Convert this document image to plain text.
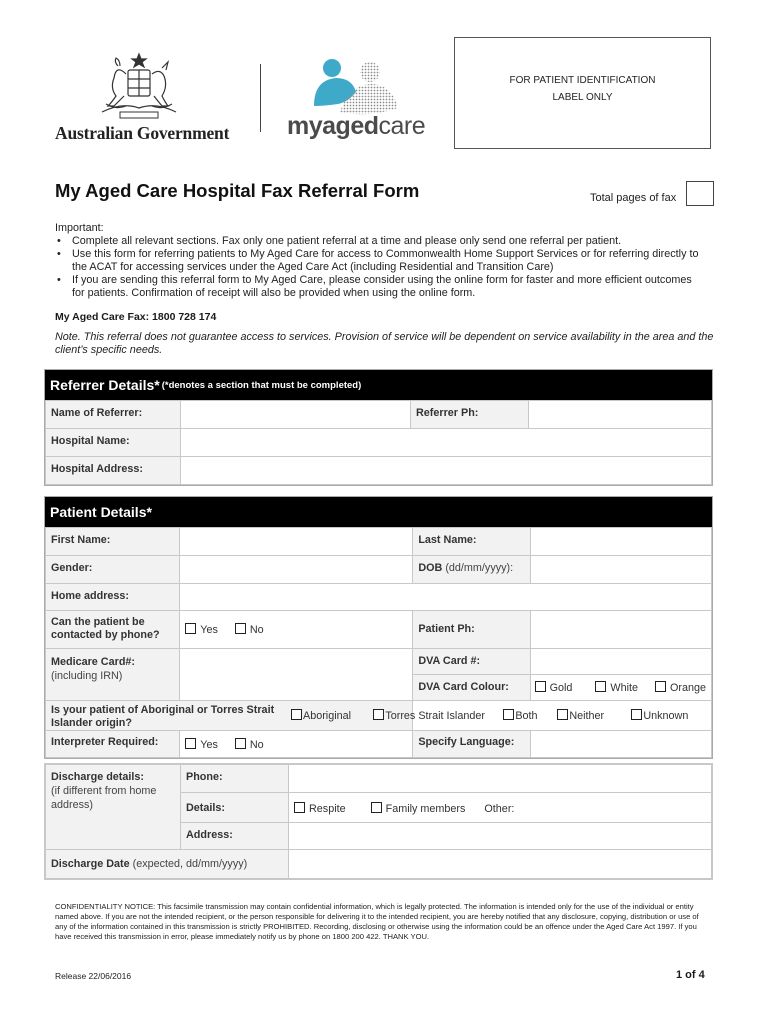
Australian Government myagedcare
FOR PATIENT IDENTIFICATION
LABEL ONLY
My Aged Care Hospital Fax Referral Form	Total pages of fax
Important:
• Complete all relevant sections. Fax only one patient referral at a time and please only send one referral per patient.
• Use this form for referring patients to My Aged Care for access to Commonwealth Home Support Services or for referring directly to the ACAT for accessing services under the Aged Care Act (including Residential and Transition Care)
• If you are sending this referral form to My Aged Care, please consider using the online form for faster and more efficient outcomes for patients. Confirmation of receipt will also be provided when using the online form.
My Aged Care Fax: 1800 728 174
Note. This referral does not guarantee access to services. Provision of service will be dependent on service availability in the area and the client’s specific needs.
Referrer Details* (*denotes a section that must be completed)
Name of Referrer:		Referrer Ph:	
Hospital Name:			
Hospital Address:			
Patient Details*
First Name:		Last Name:	
Gender:		DOB (dd/mm/yyyy):	
Home address:			
Can the patient be contacted by phone?	Yes No	Patient Ph:	

Medicare Card#:
(including IRN)		DVA Card #:	
		DVA Card Colour:	Gold White Orange

Is your patient of Aboriginal or Torres Strait Islander origin?
Aboriginal		Torres Strait Islander Both Neither Unknown	

Interpreter Required:	Yes No	Specify Language:	
Discharge details:
(if different from home address)	Phone:	
	Details:	Respite Family members Other:
	Address:	
Discharge Date (expected, dd/mm/yyyy)		
CONFIDENTIALITY NOTICE: This facsimile transmission may contain confidential information, which is legally protected. The information is intended only for the use of the individual or entity named above. If you are not the intended recipient, or the person responsible for delivering it to the intended recipient, you are hereby notified that any disclosure, copying, distribution or use of any of the information contained in this transmission is strictly PROHIBITED. Recording, disclosing or otherwise using the information could be an offence under the Aged Care Act 1997. If you have received this transmission in error, please immediately notify us by phone on 1800 200 422. THANK YOU.
Release 22/06/2016	1 of 4
